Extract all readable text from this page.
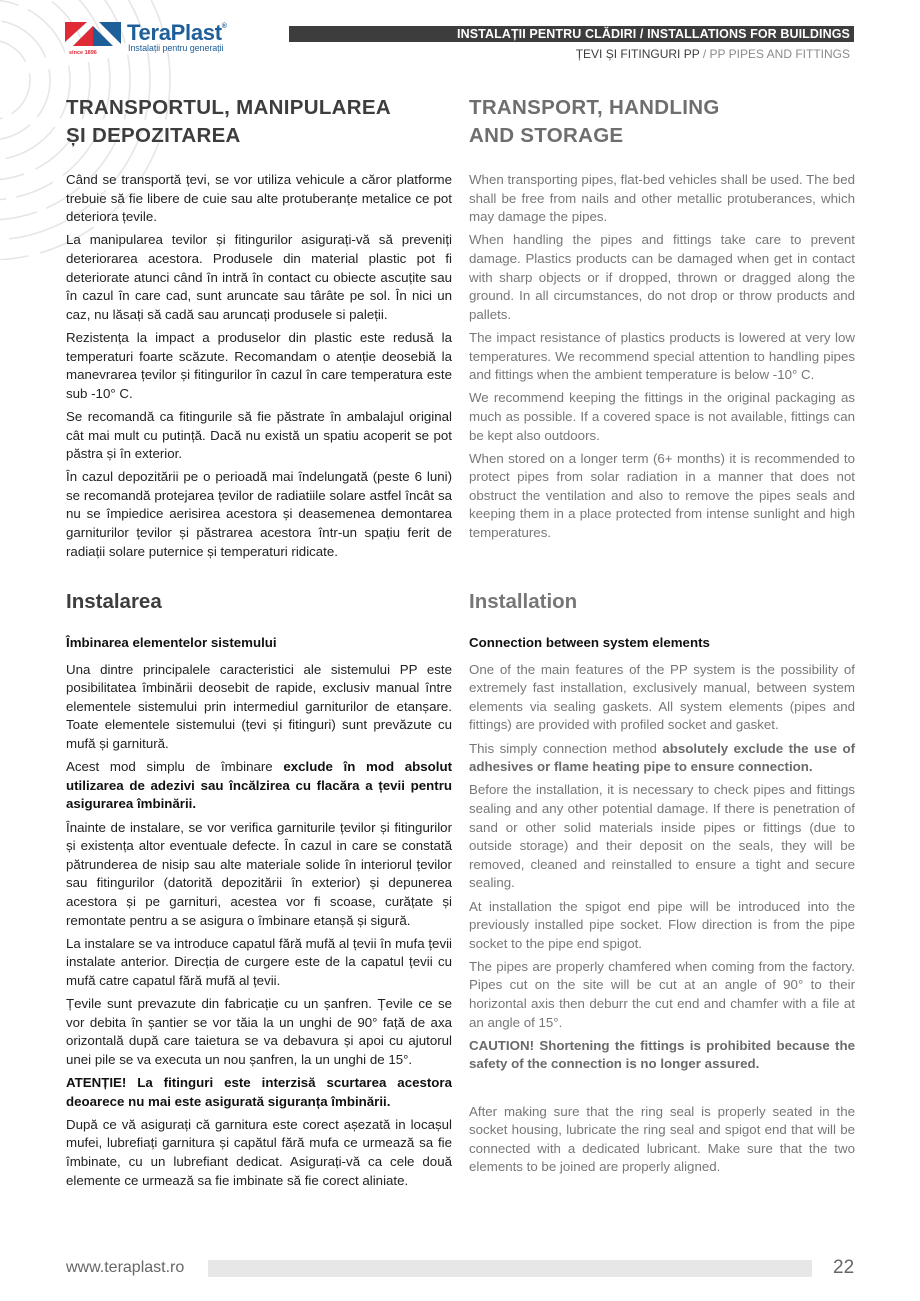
since 1896
TeraPlast®
Instalații pentru generații
INSTALAȚII PENTRU CLĂDIRI / INSTALLATIONS FOR BUILDINGS
ȚEVI ȘI FITINGURI PP / PP PIPES AND FITTINGS
TRANSPORTUL, MANIPULAREA
ȘI DEPOZITAREA

Când se transportă țevi, se vor utiliza vehicule a căror platforme trebuie să fie libere de cuie sau alte protuberanțe metalice ce pot deteriora țevile.

La manipularea tevilor și fitingurilor asigurați-vă să preveniți deteriorarea acestora. Produsele din material plastic pot fi deteriorate atunci când în intră în contact cu obiecte ascuțite sau în cazul în care cad, sunt aruncate sau târâte pe sol. În nici un caz, nu lăsați să cadă sau aruncați produsele si paleții.

Rezistența la impact a produselor din plastic este redusă la temperaturi foarte scăzute. Recomandam o atenție deosebiă la manevrarea țevilor și fitingurilor în cazul în care temperatura este sub -10° C.

Se recomandă ca fitingurile să fie păstrate în ambalajul original cât mai mult cu putință. Dacă nu există un spatiu acoperit se pot păstra și în exterior.

În cazul depozitării pe o perioadă mai îndelungată (peste 6 luni) se recomandă protejarea țevilor de radiatiile solare astfel încât sa nu se împiedice aerisirea acestora și deasemenea demontarea garniturilor țevilor și păstrarea acestora într-un spațiu ferit de radiații solare puternice și temperaturi ridicate.

TRANSPORT, HANDLING
AND STORAGE

When transporting pipes, flat-bed vehicles shall be used. The bed shall be free from nails and other metallic protuberances, which may damage the pipes.

When handling the pipes and fittings take care to prevent damage. Plastics products can be damaged when get in contact with sharp objects or if dropped, thrown or dragged along the ground. In all circumstances, do not drop or throw products and pallets.

The impact resistance of plastics products is lowered at very low temperatures. We recommend special attention to handling pipes and fittings when the ambient temperature is below -10° C.

We recommend keeping the fittings in the original packaging as much as possible. If a covered space is not available, fittings can be kept also outdoors.

When stored on a longer term (6+ months) it is recommended to protect pipes from solar radiation in a manner that does not obstruct the ventilation and also to remove the pipes seals and keeping them in a place protected from intense sunlight and high temperatures.

Instalarea
Îmbinarea elementelor sistemului

Una dintre principalele caracteristici ale sistemului PP este posibilitatea îmbinării deosebit de rapide, exclusiv manual între elementele sistemului prin intermediul garniturilor de etanșare. Toate elementele sistemului (țevi și fitinguri) sunt prevăzute cu mufă și garnitură.

Acest mod simplu de îmbinare exclude în mod absolut utilizarea de adezivi sau încălzirea cu flacăra a țevii pentru asigurarea îmbinării.

Înainte de instalare, se vor verifica garniturile țevilor și fitingurilor și existența altor eventuale defecte. În cazul in care se constată pătrunderea de nisip sau alte materiale solide în interiorul țevilor sau fitingurilor (datorită depozitării în exterior) și depunerea acestora și pe garnituri, acestea vor fi scoase, curățate și remontate pentru a se asigura o îmbinare etanșă și sigură.

La instalare se va introduce capatul fără mufă al țevii în mufa țevii instalate anterior. Direcția de curgere este de la capatul țevii cu mufă catre capatul fără mufă al țevii.

Țevile sunt prevazute din fabricație cu un șanfren. Țevile ce se vor debita în șantier se vor tăia la un unghi de 90° față de axa orizontală după care taietura se va debavura și apoi cu ajutorul unei pile se va executa un nou șanfren, la un unghi de 15°.

ATENȚIE! La fitinguri este interzisă scurtarea acestora deoarece nu mai este asigurată siguranța îmbinării.

După ce vă asigurați că garnitura este corect așezată in locașul mufei, lubrefiați garnitura și capătul fără mufa ce urmează sa fie îmbinate, cu un lubrefiant dedicat. Asigurați-vă ca cele două elemente ce urmează sa fie imbinate să fie corect aliniate.

Installation
Connection between system elements

One of the main features of the PP system is the possibility of extremely fast installation, exclusively manual, between system elements via sealing gaskets. All system elements (pipes and fittings) are provided with profiled socket and gasket.

This simply connection method absolutely exclude the use of adhesives or flame heating pipe to ensure connection.

Before the installation, it is necessary to check pipes and fittings sealing and any other potential damage. If there is penetration of sand or other solid materials inside pipes or fittings (due to outside storage) and their deposit on the seals, they will be removed, cleaned and reinstalled to ensure a tight and secure sealing.

At installation the spigot end pipe will be introduced into the previously installed pipe socket. Flow direction is from the pipe socket to the pipe end spigot.

The pipes are properly chamfered when coming from the factory. Pipes cut on the site will be cut at an angle of 90° to their horizontal axis then deburr the cut end and chamfer with a file at an angle of 15°.

CAUTION! Shortening the fittings is prohibited because the safety of the connection is no longer assured.

After making sure that the ring seal is properly seated in the socket housing, lubricate the ring seal and spigot end that will be connected with a dedicated lubricant. Make sure that the two elements to be joined are properly aligned.

www.teraplast.ro	22
